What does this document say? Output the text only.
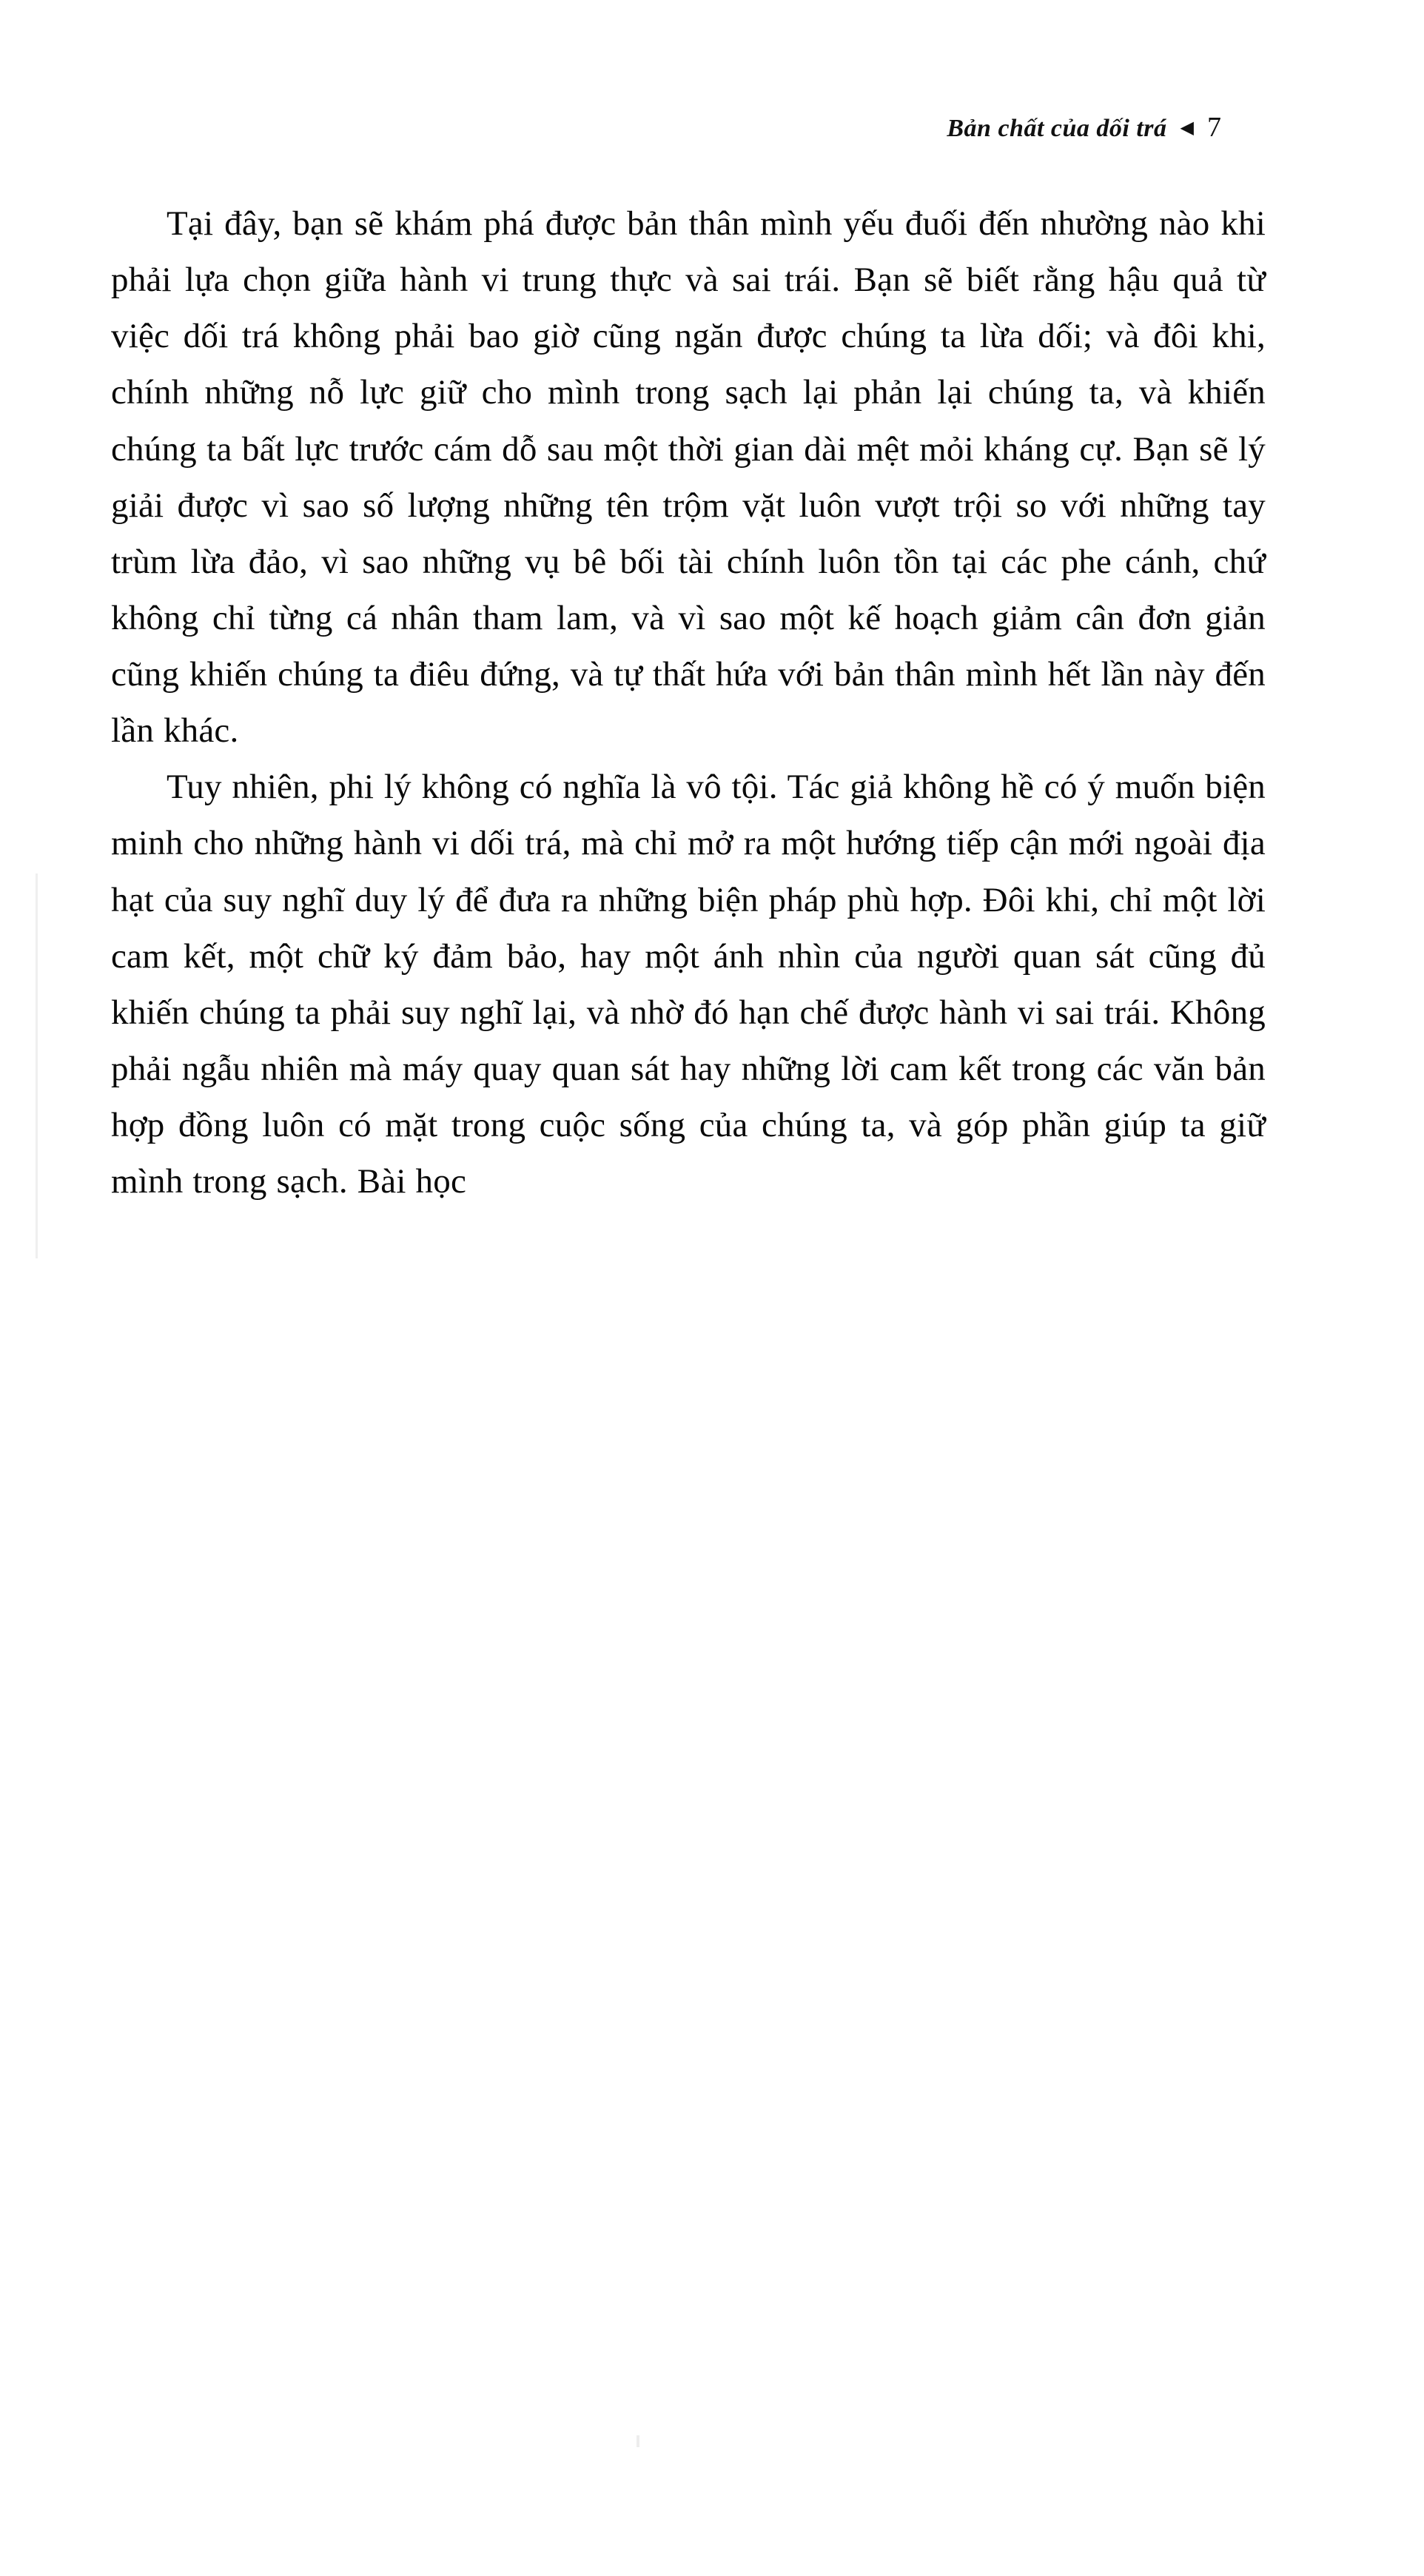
Bản chất của dối trá ◀ 7

Tại đây, bạn sẽ khám phá được bản thân mình yếu đuối đến nhường nào khi phải lựa chọn giữa hành vi trung thực và sai trái. Bạn sẽ biết rằng hậu quả từ việc dối trá không phải bao giờ cũng ngăn được chúng ta lừa dối; và đôi khi, chính những nỗ lực giữ cho mình trong sạch lại phản lại chúng ta, và khiến chúng ta bất lực trước cám dỗ sau một thời gian dài mệt mỏi kháng cự. Bạn sẽ lý giải được vì sao số lượng những tên trộm vặt luôn vượt trội so với những tay trùm lừa đảo, vì sao những vụ bê bối tài chính luôn tồn tại các phe cánh, chứ không chỉ từng cá nhân tham lam, và vì sao một kế hoạch giảm cân đơn giản cũng khiến chúng ta điêu đứng, và tự thất hứa với bản thân mình hết lần này đến lần khác.

Tuy nhiên, phi lý không có nghĩa là vô tội. Tác giả không hề có ý muốn biện minh cho những hành vi dối trá, mà chỉ mở ra một hướng tiếp cận mới ngoài địa hạt của suy nghĩ duy lý để đưa ra những biện pháp phù hợp. Đôi khi, chỉ một lời cam kết, một chữ ký đảm bảo, hay một ánh nhìn của người quan sát cũng đủ khiến chúng ta phải suy nghĩ lại, và nhờ đó hạn chế được hành vi sai trái. Không phải ngẫu nhiên mà máy quay quan sát hay những lời cam kết trong các văn bản hợp đồng luôn có mặt trong cuộc sống của chúng ta, và góp phần giúp ta giữ mình trong sạch. Bài học
